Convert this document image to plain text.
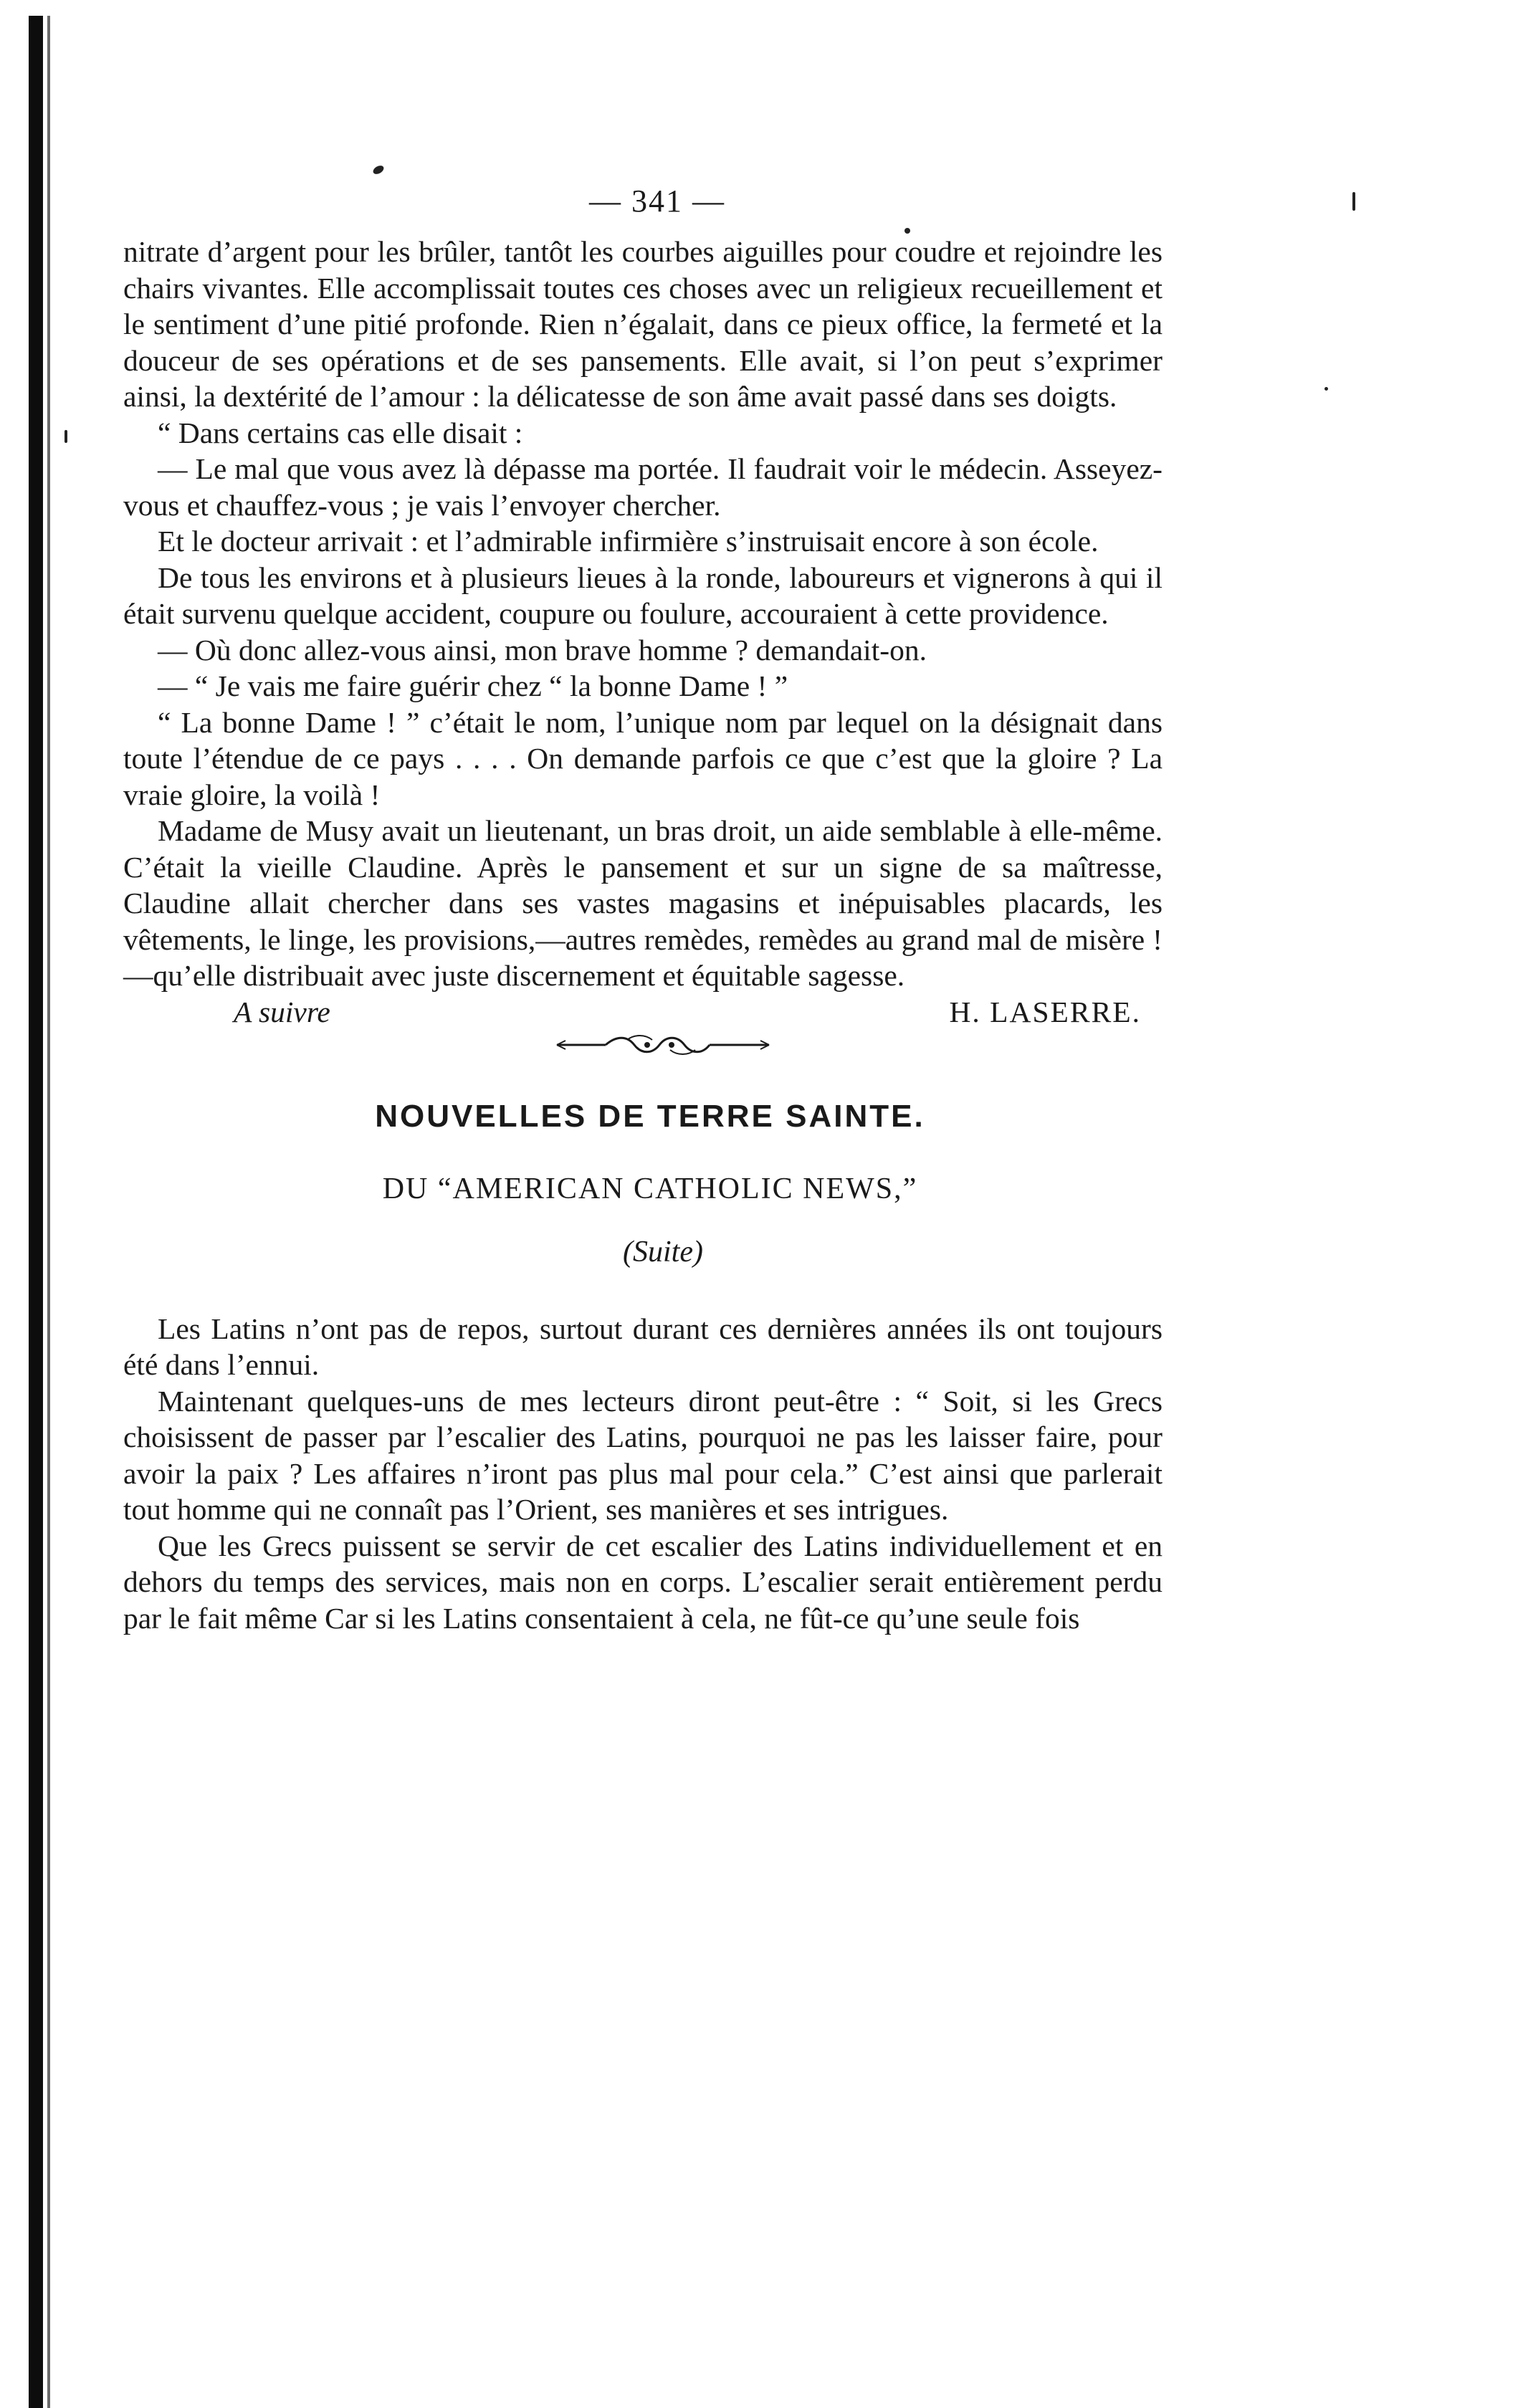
— 341 —

nitrate d’argent pour les brûler, tantôt les courbes aiguilles pour coudre et rejoindre les chairs vivantes. Elle accomplissait toutes ces choses avec un religieux recueillement et le sentiment d’une pitié profonde. Rien n’égalait, dans ce pieux office, la fermeté et la douceur de ses opérations et de ses pansements. Elle avait, si l’on peut s’exprimer ainsi, la dextérité de l’amour : la délicatesse de son âme avait passé dans ses doigts.

“ Dans certains cas elle disait :

— Le mal que vous avez là dépasse ma portée. Il faudrait voir le médecin. Asseyez-vous et chauffez-vous ; je vais l’envoyer chercher.

Et le docteur arrivait : et l’admirable infirmière s’instruisait encore à son école.

De tous les environs et à plusieurs lieues à la ronde, laboureurs et vignerons à qui il était survenu quelque accident, coupure ou foulure, accouraient à cette providence.

— Où donc allez-vous ainsi, mon brave homme ? demandait-on.

— “ Je vais me faire guérir chez “ la bonne Dame ! ”

“ La bonne Dame ! ” c’était le nom, l’unique nom par lequel on la désignait dans toute l’étendue de ce pays . . . . On demande parfois ce que c’est que la gloire ? La vraie gloire, la voilà !

Madame de Musy avait un lieutenant, un bras droit, un aide semblable à elle-même. C’était la vieille Claudine. Après le pansement et sur un signe de sa maîtresse, Claudine allait chercher dans ses vastes magasins et inépuisables placards, les vêtements, le linge, les provisions,—autres remèdes, remèdes au grand mal de misère !—qu’elle distribuait avec juste discernement et équitable sagesse.

A suivre	H. LASERRE.
NOUVELLES DE TERRE SAINTE.
DU “AMERICAN CATHOLIC NEWS,”
(Suite)

Les Latins n’ont pas de repos, surtout durant ces dernières années ils ont toujours été dans l’ennui.

Maintenant quelques-uns de mes lecteurs diront peut-être : “ Soit, si les Grecs choisissent de passer par l’escalier des Latins, pourquoi ne pas les laisser faire, pour avoir la paix ? Les affaires n’iront pas plus mal pour cela.” C’est ainsi que parlerait tout homme qui ne connaît pas l’Orient, ses manières et ses intrigues.

Que les Grecs puissent se servir de cet escalier des Latins individuellement et en dehors du temps des services, mais non en corps. L’escalier serait entièrement perdu par le fait même Car si les Latins consentaient à cela, ne fût-ce qu’une seule fois
